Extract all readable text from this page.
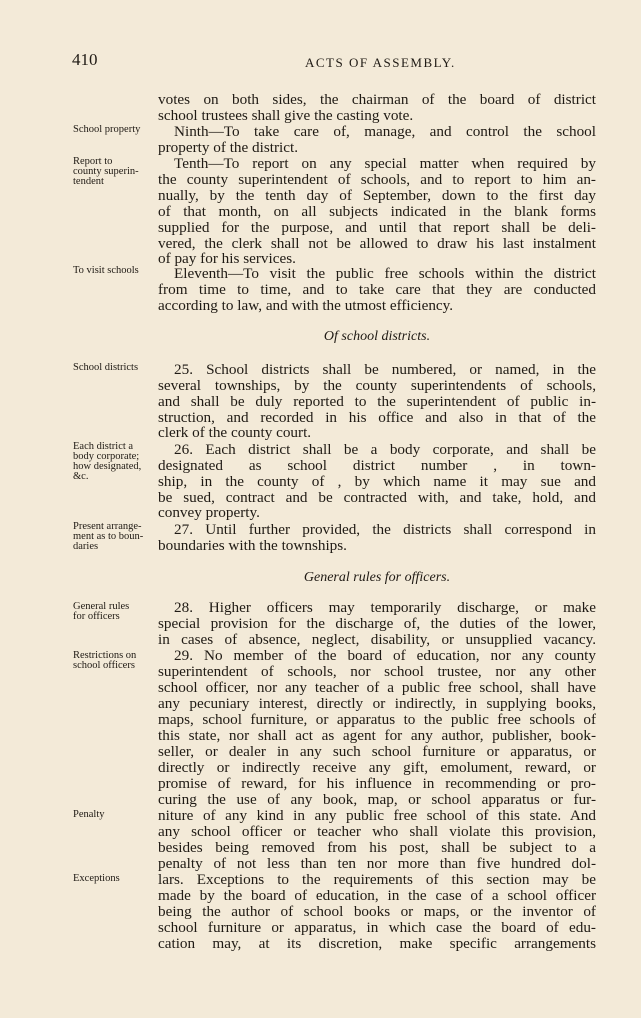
410	ACTS OF ASSEMBLY.
School property
Report to
county superin-
tendent
To visit schools
School districts
Each district a
body corporate;
how designated,
&c.
Present arrange-
ment as to boun-
daries
General rules
for officers
Restrictions on
school officers
Penalty
Exceptions
Of school districts.
General rules for officers.
votes on both sides, the chairman of the board of district
school trustees shall give the casting vote.
Ninth—To take care of, manage, and control the school
property of the district.
Tenth—To report on any special matter when required by
the county superintendent of schools, and to report to him an-
nually, by the tenth day of September, down to the first day
of that month, on all subjects indicated in the blank forms
supplied for the purpose, and until that report shall be deli-
vered, the clerk shall not be allowed to draw his last instalment
of pay for his services.
Eleventh—To visit the public free schools within the district
from time to time, and to take care that they are conducted
according to law, and with the utmost efficiency.
25. School districts shall be numbered, or named, in the
several townships, by the county superintendents of schools,
and shall be duly reported to the superintendent of public in-
struction, and recorded in his office and also in that of the
clerk of the county court.
26. Each district shall be a body corporate, and shall be
designated as school district number , in town-
ship, in the county of , by which name it may sue and
be sued, contract and be contracted with, and take, hold, and
convey property.
27. Until further provided, the districts shall correspond in
boundaries with the townships.
28. Higher officers may temporarily discharge, or make
special provision for the discharge of, the duties of the lower,
in cases of absence, neglect, disability, or unsupplied vacancy.
29. No member of the board of education, nor any county
superintendent of schools, nor school trustee, nor any other
school officer, nor any teacher of a public free school, shall have
any pecuniary interest, directly or indirectly, in supplying books,
maps, school furniture, or apparatus to the public free schools of
this state, nor shall act as agent for any author, publisher, book-
seller, or dealer in any such school furniture or apparatus, or
directly or indirectly receive any gift, emolument, reward, or
promise of reward, for his influence in recommending or pro-
curing the use of any book, map, or school apparatus or fur-
niture of any kind in any public free school of this state. And
any school officer or teacher who shall violate this provision,
besides being removed from his post, shall be subject to a
penalty of not less than ten nor more than five hundred dol-
lars. Exceptions to the requirements of this section may be
made by the board of education, in the case of a school officer
being the author of school books or maps, or the inventor of
school furniture or apparatus, in which case the board of edu-
cation may, at its discretion, make specific arrangements
